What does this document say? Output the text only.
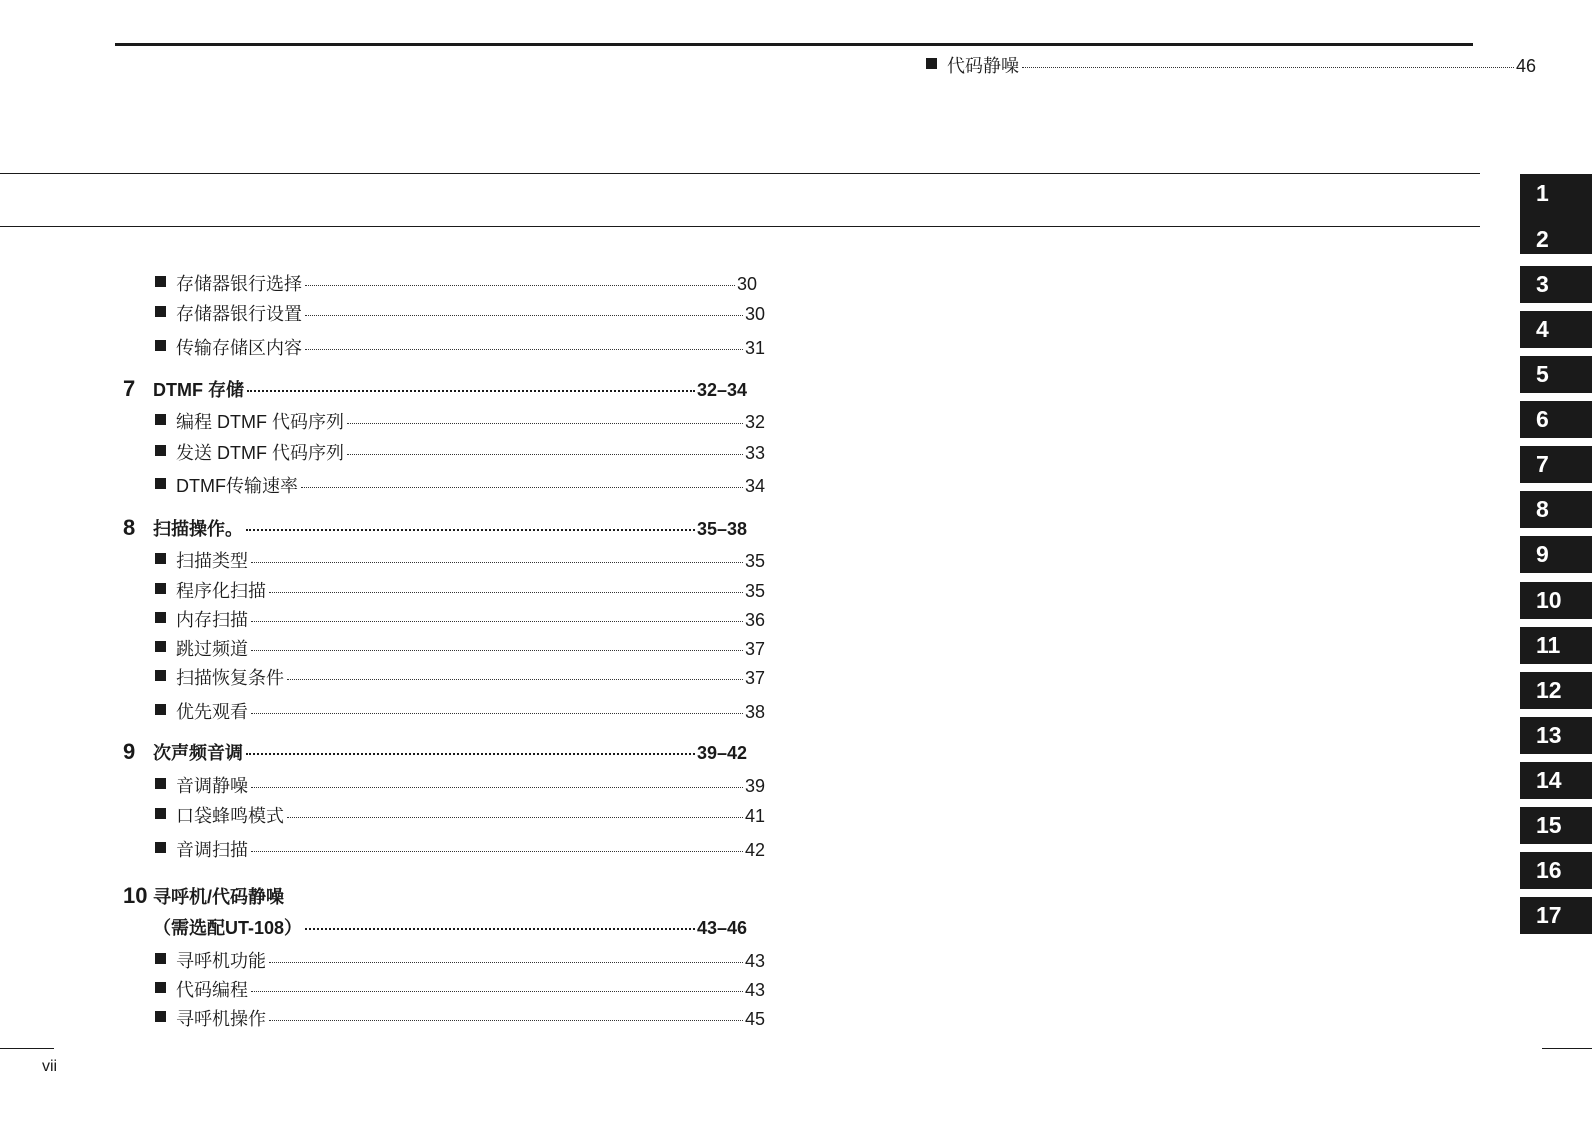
代码静噪	46
存储器银行选择	30
存储器银行设置	30
传输存储区内容	31
7 DTMF 存储	32–34
编程 DTMF 代码序列	32
发送 DTMF 代码序列	33
DTMF传输速率	34
8 扫描操作。	35–38
扫描类型	35
程序化扫描	35
内存扫描	36
跳过频道	37
扫描恢复条件	37
优先观看	38
9 次声频音调	39–42
音调静噪	39
口袋蜂鸣模式	41
音调扫描	42
10 寻呼机/代码静噪
（需选配UT-108）	43–46
寻呼机功能	43
代码编程	43
寻呼机操作	45
1
2
3
4
5
6
7
8
9
10
11
12
13
14
15
16
17
vii
